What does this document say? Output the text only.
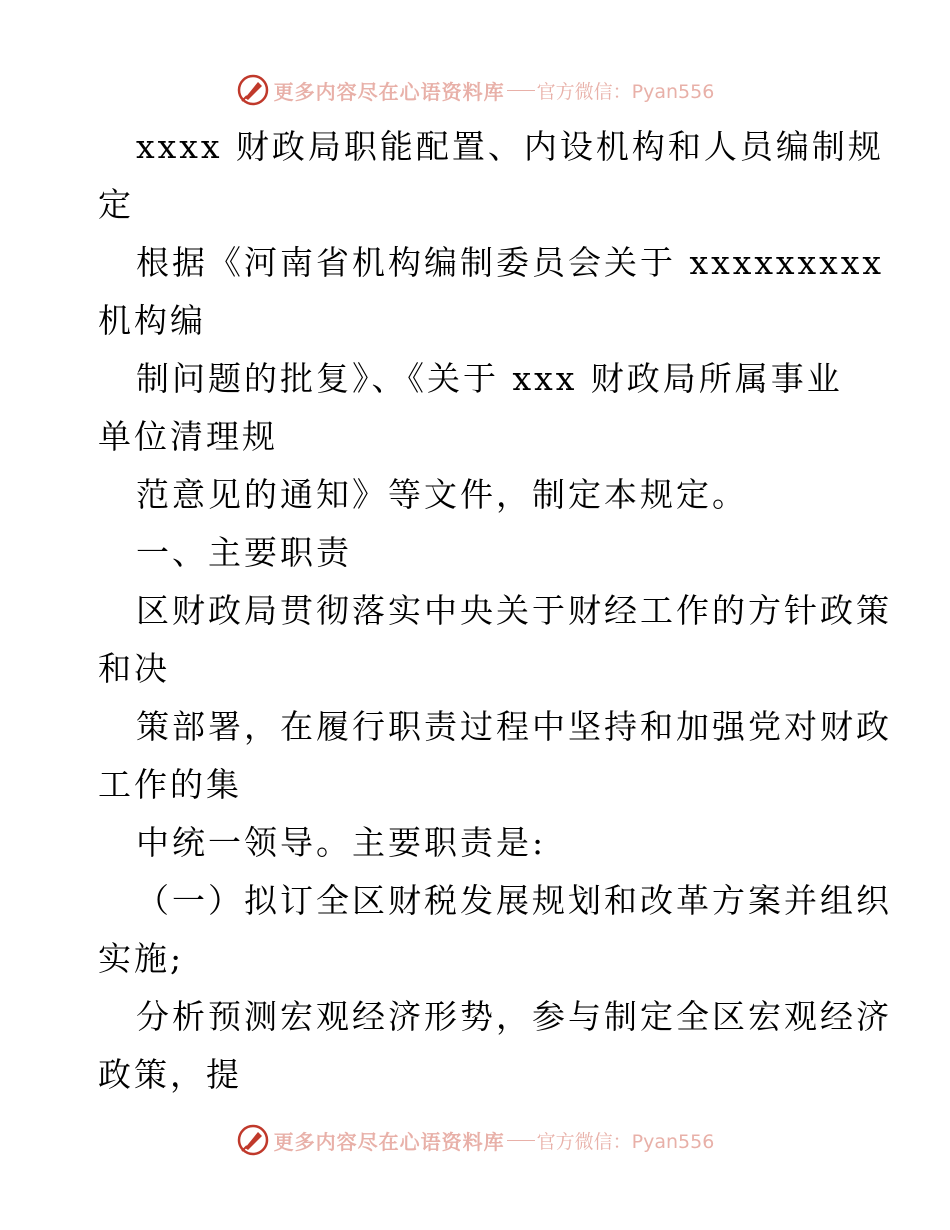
更多内容尽在心语资料库 官方微信：Pyan556
xxxx 财政局职能配置、内设机构和人员编制规
定
根据《河南省机构编制委员会关于 xxxxxxxxx
机构编
制问题的批复》、《关于 xxx 财政局所属事业
单位清理规
范意见的通知》等文件，制定本规定。
一、主要职责
区财政局贯彻落实中央关于财经工作的方针政策
和决
策部署，在履行职责过程中坚持和加强党对财政
工作的集
中统一领导。主要职责是:
（一）拟订全区财税发展规划和改革方案并组织
实施;
分析预测宏观经济形势，参与制定全区宏观经济
政策，提
更多内容尽在心语资料库 官方微信：Pyan556
